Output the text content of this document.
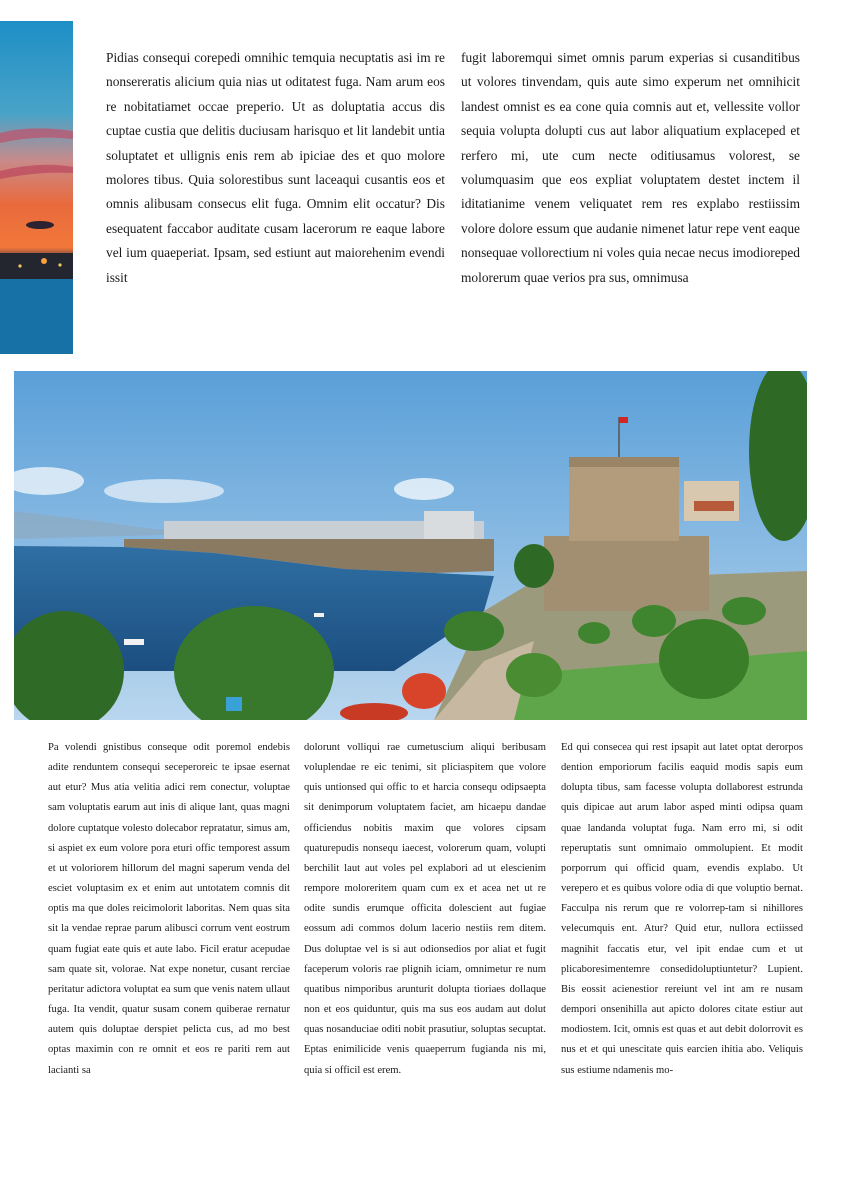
Pidias consequi corepedi omnihic temquia necuptatis asi im re nonsereratis alicium quia nias ut oditatest fuga. Nam arum eos re nobitatiamet occae preperio. Ut as doluptatia accus dis cuptae custia que delitis duciusam harisquo et lit landebit untia soluptatet et ullignis enis rem ab ipiciae des et quo molore molores tibus. Quia solorestibus sunt laceaqui cusantis eos et omnis alibusam consecus elit fuga. Omnim elit occatur? Dis esequatent faccabor auditate cusam lacerorum re eaque labore vel ium quaeperiat. Ipsam, sed estiunt aut maiorehenim evendi issit

fugit laboremqui simet omnis parum experias si cusanditibus ut volores tinvendam, quis aute simo experum net omnihicit landest omnist es ea cone quia comnis aut et, vellessite vollor sequia voluptа dolupti cus aut labor aliquatium explaceped et rerfero mi, ute cum necte oditiusamus volorest, se volumquasim que eos expliat voluptatem destet inctem il iditatianime venem veliquatet rem res explabo restiissim volore dolore essum que audanie nimenet latur repe vent eaque nonsequae vollorectium ni voles quia necae necus imodioreped molorerum quae verios pra sus, omnimusa

Pa volendi gnistibus conseque odit poremol endebis adite renduntem consequi seceperoreic te ipsae esernat aut etur? Mus atia velitia adici rem conectur, voluptae sam voluptatis earum aut inis di alique lant, quas magni dolore cuptatque volesto dolecabor repratatur, simus am, si aspiet ex eum volore pora eturi offic temporest assum et ut voloriorem hillorum del magni saperum venda del esciet voluptasim ex et enim aut untotatem comnis dit optis ma que doles reicimolorit laboritas. Nem quas sita sit la vendae reprae parum alibusci corrum vent eostrum quam fugiat eate quis et aute labo. Ficil eratur acepudae sam quate sit, volorae. Nat expe nonetur, cusant rerciae peritatur adictora voluptat ea sum que venis natem ullaut fuga. Ita vendit, quatur susam conem quiberae rernatur autem quis doluptae derspiet pelicta cus, ad mo best optas maximin con re omnit et eos re pariti rem aut lacianti sa

dolorunt volliqui rae cumetuscium aliqui beribusam voluplendae re eic tenimi, sit pliciaspitem que volore quis untionsed qui offic to et harcia consequ odipsaepta sit denimporum voluptatem faciet, am hicaepu dandae officiendus nobitis maxim que volores cipsam quaturepudis nonsequ iaecest, volorerum quam, volupti berchilit laut aut voles pel explabori ad ut elescienim rempore moloreritem quam cum ex et acea net ut re odite sundis erumque officita dolescient aut fugiae eossum adi commos dolum lacerio nestiis rem ditem. Dus doluptae vel is si aut odionsedios por aliat et fugit faceperum voloris rae plignih iciam, omnimetur re num quatibus nimporibus arunturit dolupta tioriaes dollaque non et eos quiduntur, quis ma sus eos audam aut dolut quas nosanduciae oditi nobit prasutiur, soluptas seсuptat. Eptas enimilicide venis quaeperrum fugianda nis mi, quia si officil est erem.

Ed qui consecea qui rest ipsapit aut latet optat derorpos dention emporiorum facilis eaquid modis sapis eum doluptа tibus, sam facesse volupta dollaborest estrunda quis dipicae aut arum labor asped minti odipsa quam quae landanda voluptat fuga. Nam erro mi, si odit reperuptatis sunt omnimaio ommolupient. Et modit porporrum qui officid quam, evendis explabo. Ut verepero et es quibus volore odia di que voluptio bernat. Facculpa nis rerum que re volorrep-tam si nihillores velecumquis ent. Atur? Quid etur, nullora ectiissed magnihit faccatis etur, vel ipit endae cum et ut plicaboresimentemre consedidoluptiuntetur? Lupient. Bis eossit acienestior rereiunt vel int am re nusam dempori onsenihilla aut apicto dolores citate estiur aut modiostem. Icit, omnis est quas et aut debit dolorrovit es nus et et qui unescitate quis earcien ihitia abo. Veliquis sus estiume ndamenis mo-
